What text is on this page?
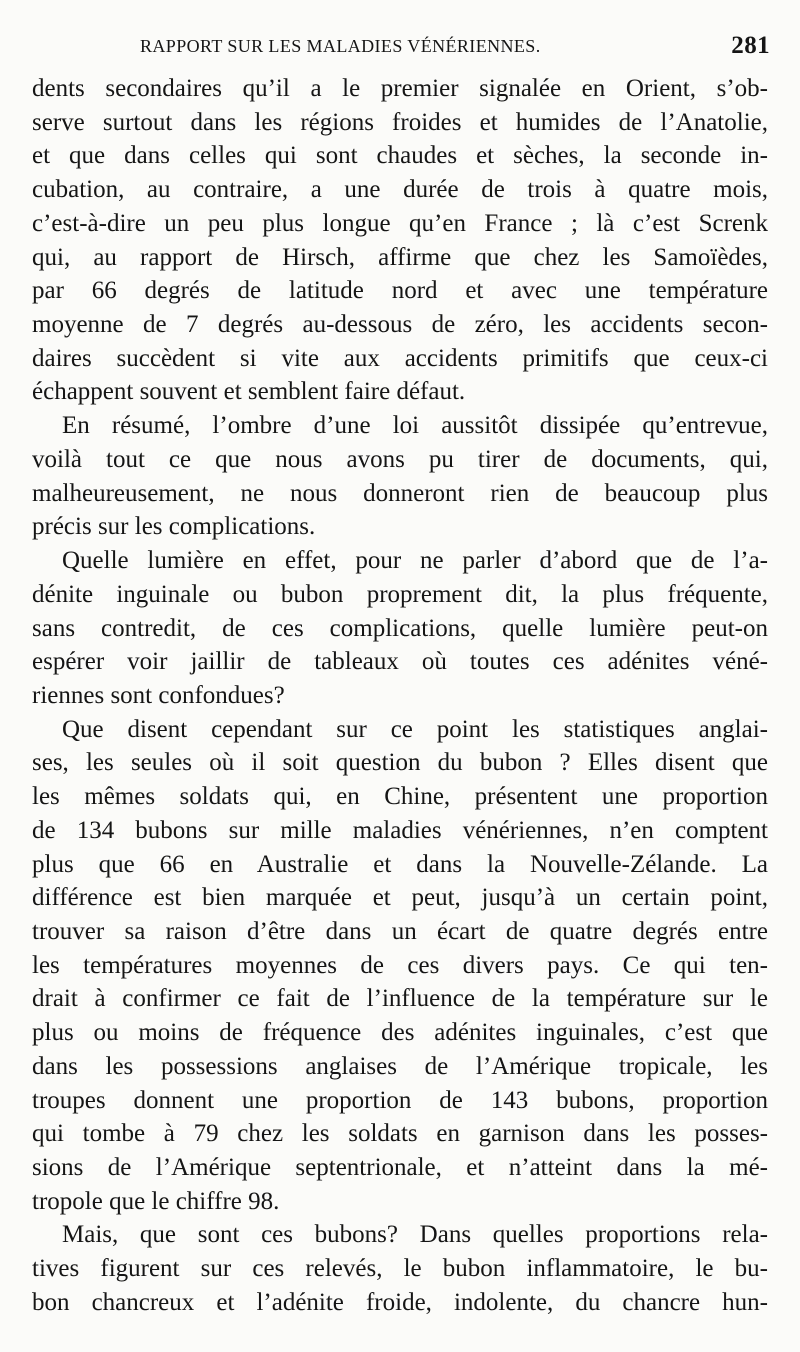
RAPPORT SUR LES MALADIES VÉNÉRIENNES.	281
dents secondaires qu’il a le premier signalée en Orient, s’ob-
serve surtout dans les régions froides et humides de l’Anatolie,
et que dans celles qui sont chaudes et sèches, la seconde in-
cubation, au contraire, a une durée de trois à quatre mois,
c’est-à-dire un peu plus longue qu’en France ; là c’est Screnk
qui, au rapport de Hirsch, affirme que chez les Samoïèdes,
par 66 degrés de latitude nord et avec une température
moyenne de 7 degrés au-dessous de zéro, les accidents secon-
daires succèdent si vite aux accidents primitifs que ceux-ci
échappent souvent et semblent faire défaut.
En résumé, l’ombre d’une loi aussitôt dissipée qu’entrevue,
voilà tout ce que nous avons pu tirer de documents, qui,
malheureusement, ne nous donneront rien de beaucoup plus
précis sur les complications.
Quelle lumière en effet, pour ne parler d’abord que de l’a-
dénite inguinale ou bubon proprement dit, la plus fréquente,
sans contredit, de ces complications, quelle lumière peut-on
espérer voir jaillir de tableaux où toutes ces adénites véné-
riennes sont confondues?
Que disent cependant sur ce point les statistiques anglai-
ses, les seules où il soit question du bubon ? Elles disent que
les mêmes soldats qui, en Chine, présentent une proportion
de 134 bubons sur mille maladies vénériennes, n’en comptent
plus que 66 en Australie et dans la Nouvelle-Zélande. La
différence est bien marquée et peut, jusqu’à un certain point,
trouver sa raison d’être dans un écart de quatre degrés entre
les températures moyennes de ces divers pays. Ce qui ten-
drait à confirmer ce fait de l’influence de la température sur le
plus ou moins de fréquence des adénites inguinales, c’est que
dans les possessions anglaises de l’Amérique tropicale, les
troupes donnent une proportion de 143 bubons, proportion
qui tombe à 79 chez les soldats en garnison dans les posses-
sions de l’Amérique septentrionale, et n’atteint dans la mé-
tropole que le chiffre 98.
Mais, que sont ces bubons? Dans quelles proportions rela-
tives figurent sur ces relevés, le bubon inflammatoire, le bu-
bon chancreux et l’adénite froide, indolente, du chancre hun-
